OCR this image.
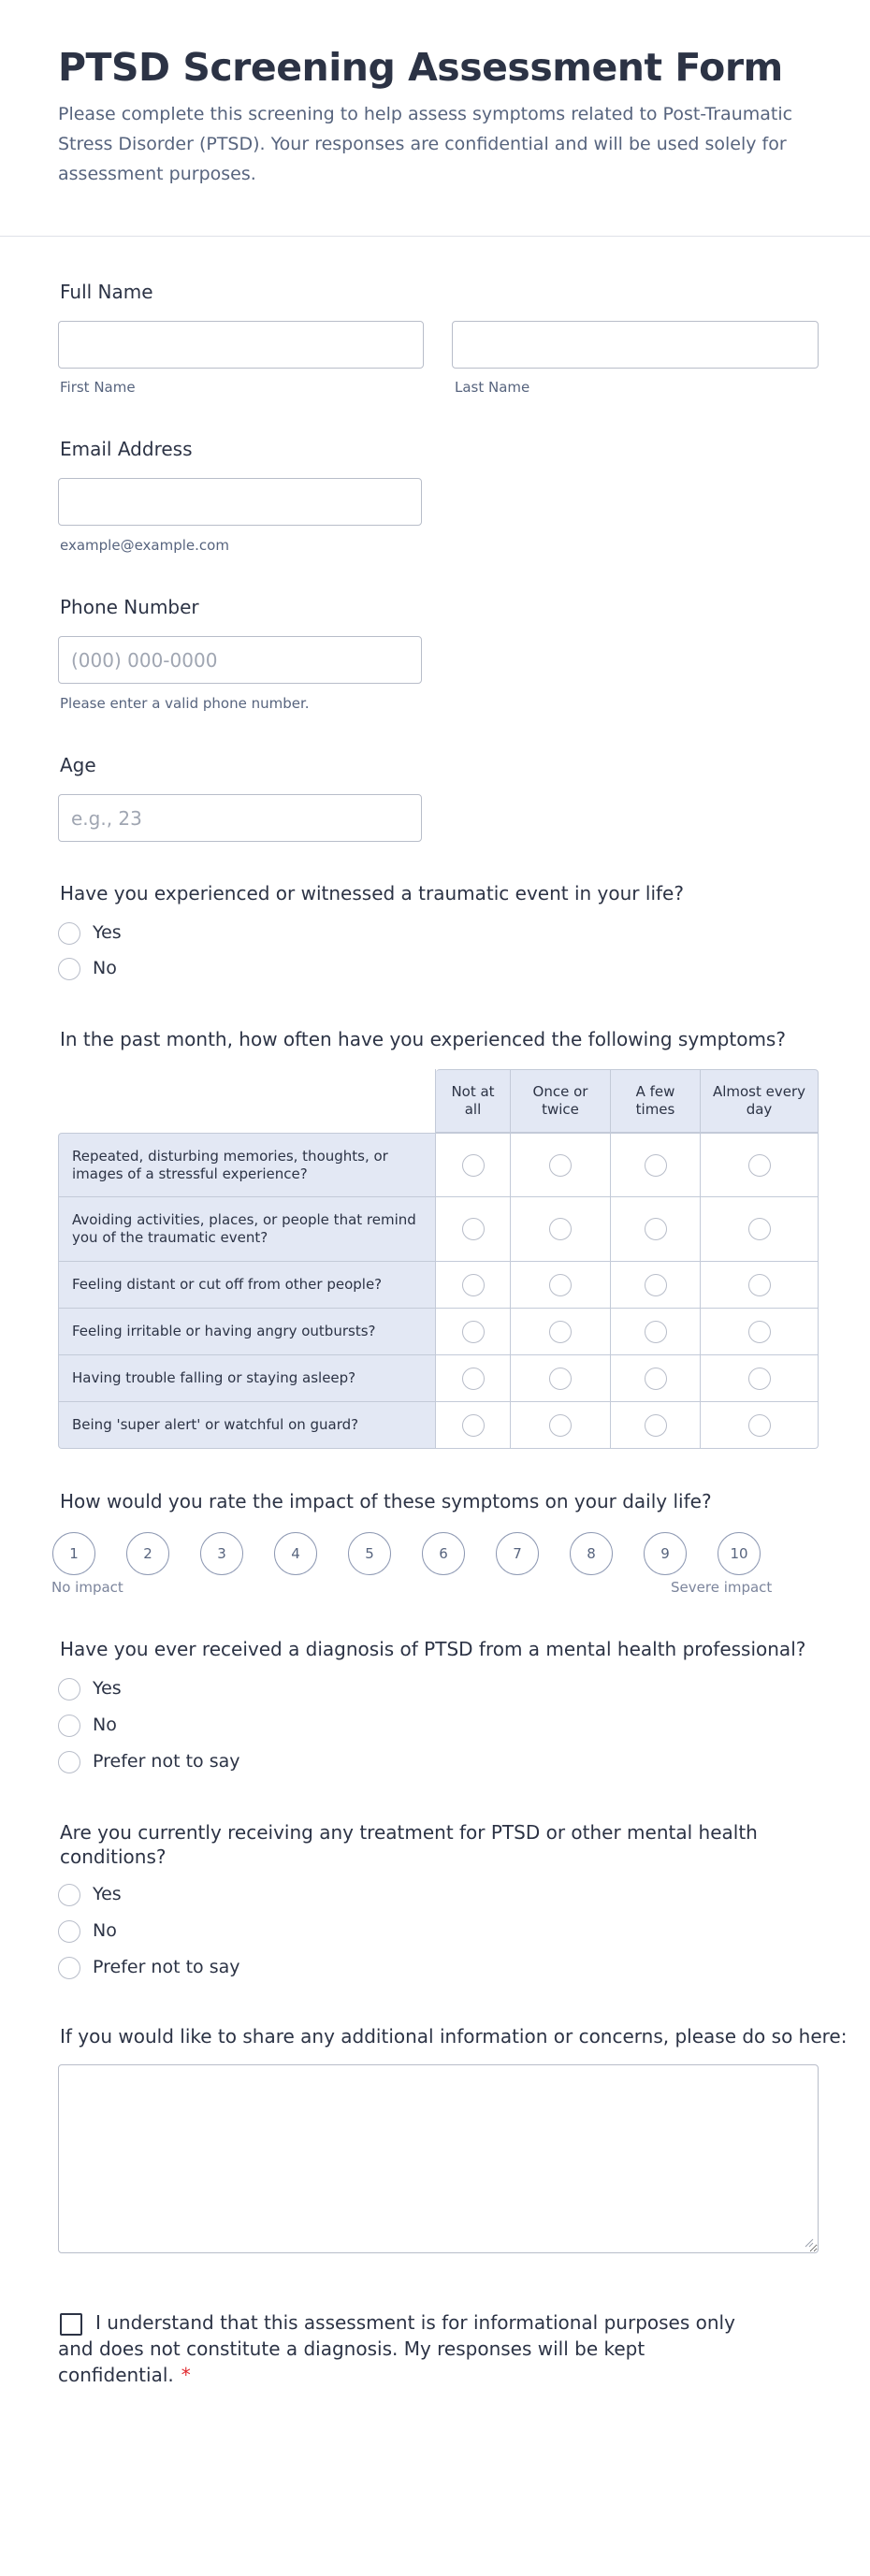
PTSD Screening Assessment Form

Please complete this screening to help assess symptoms related to Post-Traumatic Stress Disorder (PTSD). Your responses are confidential and will be used solely for assessment purposes.

Full Name

First Name	Last Name

Email Address

example@example.com

Phone Number

(000) 000-0000

Please enter a valid phone number.

Age

e.g., 23

Have you experienced or witnessed a traumatic event in your life?

Yes
No

In the past month, how often have you experienced the following symptoms?

	Not at all	Once or twice	A few times	Almost every day
Repeated, disturbing memories, thoughts, or images of a stressful experience?				
Avoiding activities, places, or people that remind you of the traumatic event?				
Feeling distant or cut off from other people?				
Feeling irritable or having angry outbursts?				
Having trouble falling or staying asleep?				
Being 'super alert' or watchful on guard?				

How would you rate the impact of these symptoms on your daily life?

1	2	3	4	5	6	7	8	9	10

No impact	Severe impact

Have you ever received a diagnosis of PTSD from a mental health professional?

Yes
No
Prefer not to say

Are you currently receiving any treatment for PTSD or other mental health conditions?

Yes
No
Prefer not to say

If you would like to share any additional information or concerns, please do so here:

I understand that this assessment is for informational purposes only and does not constitute a diagnosis. My responses will be kept confidential. *
